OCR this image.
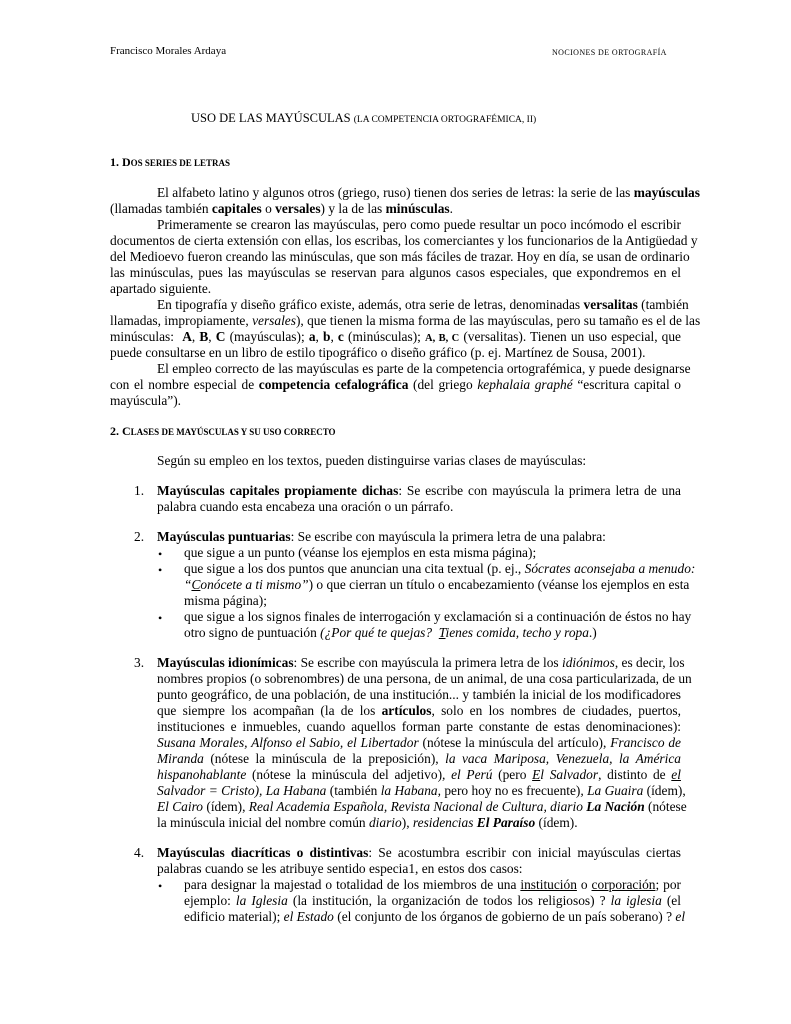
Francisco Morales Ardaya	NOCIONES DE ORTOGRAFÍA
USO DE LAS MAYÚSCULAS (LA COMPETENCIA ORTOGRAFÉMICA, II)
1. DOS SERIES DE LETRAS
El alfabeto latino y algunos otros (griego, ruso) tienen dos series de letras: la serie de las mayúsculas
(llamadas también capitales o versales) y la de las minúsculas.
Primeramente se crearon las mayúsculas, pero como puede resultar un poco incómodo el escribir
documentos de cierta extensión con ellas, los escribas, los comerciantes y los funcionarios de la Antigüedad y
del Medioevo fueron creando las minúsculas, que son más fáciles de trazar. Hoy en día, se usan de ordinario
las minúsculas, pues las mayúsculas se reservan para algunos casos especiales, que expondremos en el
apartado siguiente.
En tipografía y diseño gráfico existe, además, otra serie de letras, denominadas versalitas (también
llamadas, impropiamente, versales), que tienen la misma forma de las mayúsculas, pero su tamaño es el de las
minúsculas: A, B, C (mayúsculas); a, b, c (minúsculas); A, B, C (versalitas). Tienen un uso especial, que
puede consultarse en un libro de estilo tipográfico o diseño gráfico (p. ej. Martínez de Sousa, 2001).
El empleo correcto de las mayúsculas es parte de la competencia ortografémica, y puede designarse
con el nombre especial de competencia cefalográfica (del griego kephalaia graphé “escritura capital o
mayúscula”).
2. CLASES DE MAYÚSCULAS Y SU USO CORRECTO
Según su empleo en los textos, pueden distinguirse varias clases de mayúsculas:
1. Mayúsculas capitales propiamente dichas: Se escribe con mayúscula la primera letra de una
palabra cuando esta encabeza una oración o un párrafo.
2. Mayúsculas puntuarias: Se escribe con mayúscula la primera letra de una palabra:
• que sigue a un punto (véanse los ejemplos en esta misma página);
• que sigue a los dos puntos que anuncian una cita textual (p. ej., Sócrates aconsejaba a menudo:
“Conócete a ti mismo”) o que cierran un título o encabezamiento (véanse los ejemplos en esta
misma página);
• que sigue a los signos finales de interrogación y exclamación si a continuación de éstos no hay
otro signo de puntuación (¿Por qué te quejas? Tienes comida, techo y ropa.)
3. Mayúsculas idionímicas: Se escribe con mayúscula la primera letra de los idiónimos, es decir, los
nombres propios (o sobrenombres) de una persona, de un animal, de una cosa particularizada, de un
punto geográfico, de una población, de una institución... y también la inicial de los modificadores
que siempre los acompañan (la de los artículos, solo en los nombres de ciudades, puertos,
instituciones e inmuebles, cuando aquellos forman parte constante de estas denominaciones):
Susana Morales, Alfonso el Sabio, el Libertador (nótese la minúscula del artículo), Francisco de
Miranda (nótese la minúscula de la preposición), la vaca Mariposa, Venezuela, la América
hispanohablante (nótese la minúscula del adjetivo), el Perú (pero El Salvador, distinto de el
Salvador = Cristo), La Habana (también la Habana, pero hoy no es frecuente), La Guaira (ídem),
El Cairo (ídem), Real Academia Española, Revista Nacional de Cultura, diario La Nación (nótese
la minúscula inicial del nombre común diario), residencias El Paraíso (ídem).
4. Mayúsculas diacríticas o distintivas: Se acostumbra escribir con inicial mayúsculas ciertas
palabras cuando se les atribuye sentido especia1, en estos dos casos:
• para designar la majestad o totalidad de los miembros de una institución o corporación; por
ejemplo: la Iglesia (la institución, la organización de todos los religiosos) ? la iglesia (el
edificio material); el Estado (el conjunto de los órganos de gobierno de un país soberano) ? el
